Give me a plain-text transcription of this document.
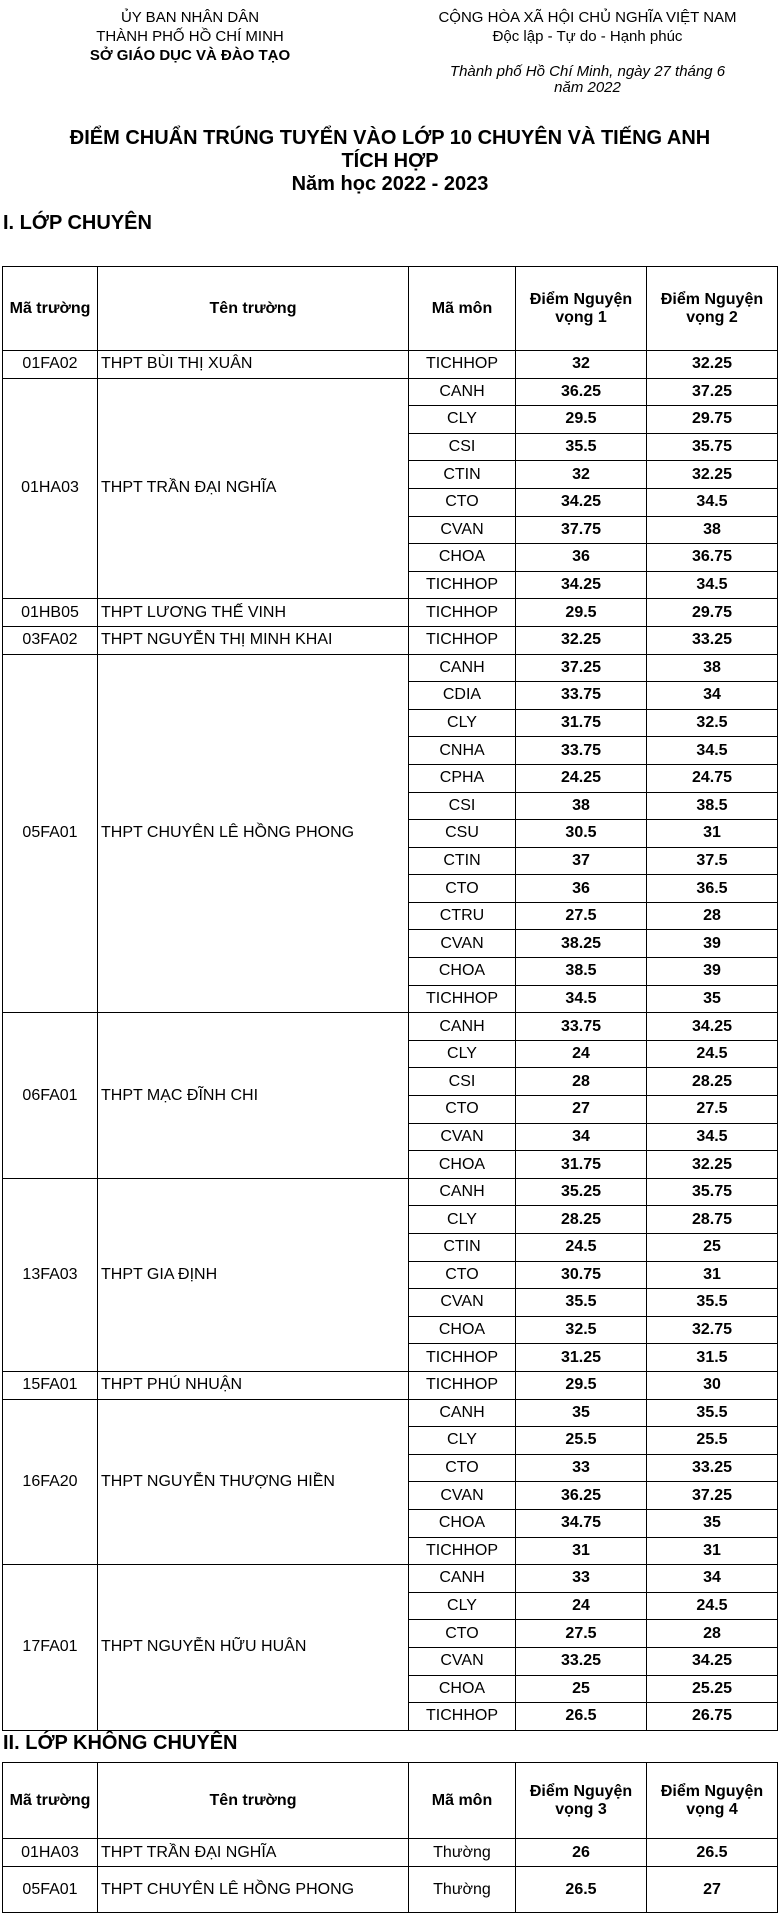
ỦY BAN NHÂN DÂN
THÀNH PHỐ HỒ CHÍ MINH
SỞ GIÁO DỤC VÀ ĐÀO TẠO
CỘNG HÒA XÃ HỘI CHỦ NGHĨA VIỆT NAM
Độc lập - Tự do - Hạnh phúc
Thành phố Hồ Chí Minh, ngày 27 tháng 6
năm 2022
ĐIỂM CHUẨN TRÚNG TUYỂN VÀO LỚP 10 CHUYÊN VÀ TIẾNG ANH
TÍCH HỢP
Năm học 2022 - 2023
I. LỚP CHUYÊN
Mã trường	Tên trường	Mã môn	Điểm Nguyện vọng 1	Điểm Nguyện vọng 2
01FA02	THPT BÙI THỊ XUÂN	TICHHOP	32	32.25
01HA03	THPT TRẦN ĐẠI NGHĨA	CANH	36.25	37.25
		CLY	29.5	29.75
		CSI	35.5	35.75
		CTIN	32	32.25
		CTO	34.25	34.5
		CVAN	37.75	38
		CHOA	36	36.75
		TICHHOP	34.25	34.5
01HB05	THPT LƯƠNG THẾ VINH	TICHHOP	29.5	29.75
03FA02	THPT NGUYỄN THỊ MINH KHAI	TICHHOP	32.25	33.25
05FA01	THPT CHUYÊN LÊ HỒNG PHONG	CANH	37.25	38
		CDIA	33.75	34
		CLY	31.75	32.5
		CNHA	33.75	34.5
		CPHA	24.25	24.75
		CSI	38	38.5
		CSU	30.5	31
		CTIN	37	37.5
		CTO	36	36.5
		CTRU	27.5	28
		CVAN	38.25	39
		CHOA	38.5	39
		TICHHOP	34.5	35
06FA01	THPT MẠC ĐĨNH CHI	CANH	33.75	34.25
		CLY	24	24.5
		CSI	28	28.25
		CTO	27	27.5
		CVAN	34	34.5
		CHOA	31.75	32.25
13FA03	THPT GIA ĐỊNH	CANH	35.25	35.75
		CLY	28.25	28.75
		CTIN	24.5	25
		CTO	30.75	31
		CVAN	35.5	35.5
		CHOA	32.5	32.75
		TICHHOP	31.25	31.5
15FA01	THPT PHÚ NHUẬN	TICHHOP	29.5	30
16FA20	THPT NGUYỄN THƯỢNG HIỀN	CANH	35	35.5
		CLY	25.5	25.5
		CTO	33	33.25
		CVAN	36.25	37.25
		CHOA	34.75	35
		TICHHOP	31	31
17FA01	THPT NGUYỄN HỮU HUÂN	CANH	33	34
		CLY	24	24.5
		CTO	27.5	28
		CVAN	33.25	34.25
		CHOA	25	25.25
		TICHHOP	26.5	26.75
II. LỚP KHÔNG CHUYÊN
Mã trường	Tên trường	Mã môn	Điểm Nguyện vọng 3	Điểm Nguyện vọng 4
01HA03	THPT TRẦN ĐẠI NGHĨA	Thường	26	26.5
05FA01	THPT CHUYÊN LÊ HỒNG PHONG	Thường	26.5	27
